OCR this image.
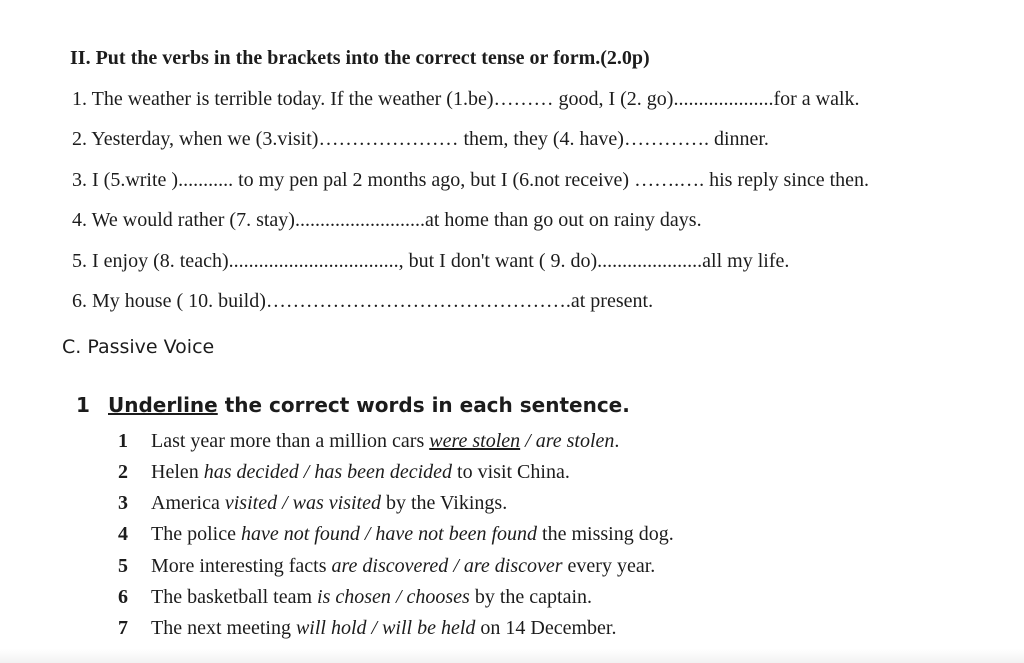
II. Put the verbs in the brackets into the correct tense or form.(2.0p)
1. The weather is terrible today. If the weather (1.be)……… good, I (2. go)....................for a walk.
2. Yesterday, when we (3.visit)………………… them, they (4. have)…………. dinner.
3. I (5.write )........... to my pen pal 2 months ago, but I (6.not receive) …….…. his reply since then.
4. We would rather (7. stay)..........................at home than go out on rainy days.
5. I enjoy (8. teach).................................., but I don't want ( 9. do).....................all my life.
6. My house ( 10. build)……………………………………….at present.
C. Passive Voice
1 Underline the correct words in each sentence.
1 Last year more than a million cars were stolen / are stolen.
2 Helen has decided / has been decided to visit China.
3 America visited / was visited by the Vikings.
4 The police have not found / have not been found the missing dog.
5 More interesting facts are discovered / are discover every year.
6 The basketball team is chosen / chooses by the captain.
7 The next meeting will hold / will be held on 14 December.
